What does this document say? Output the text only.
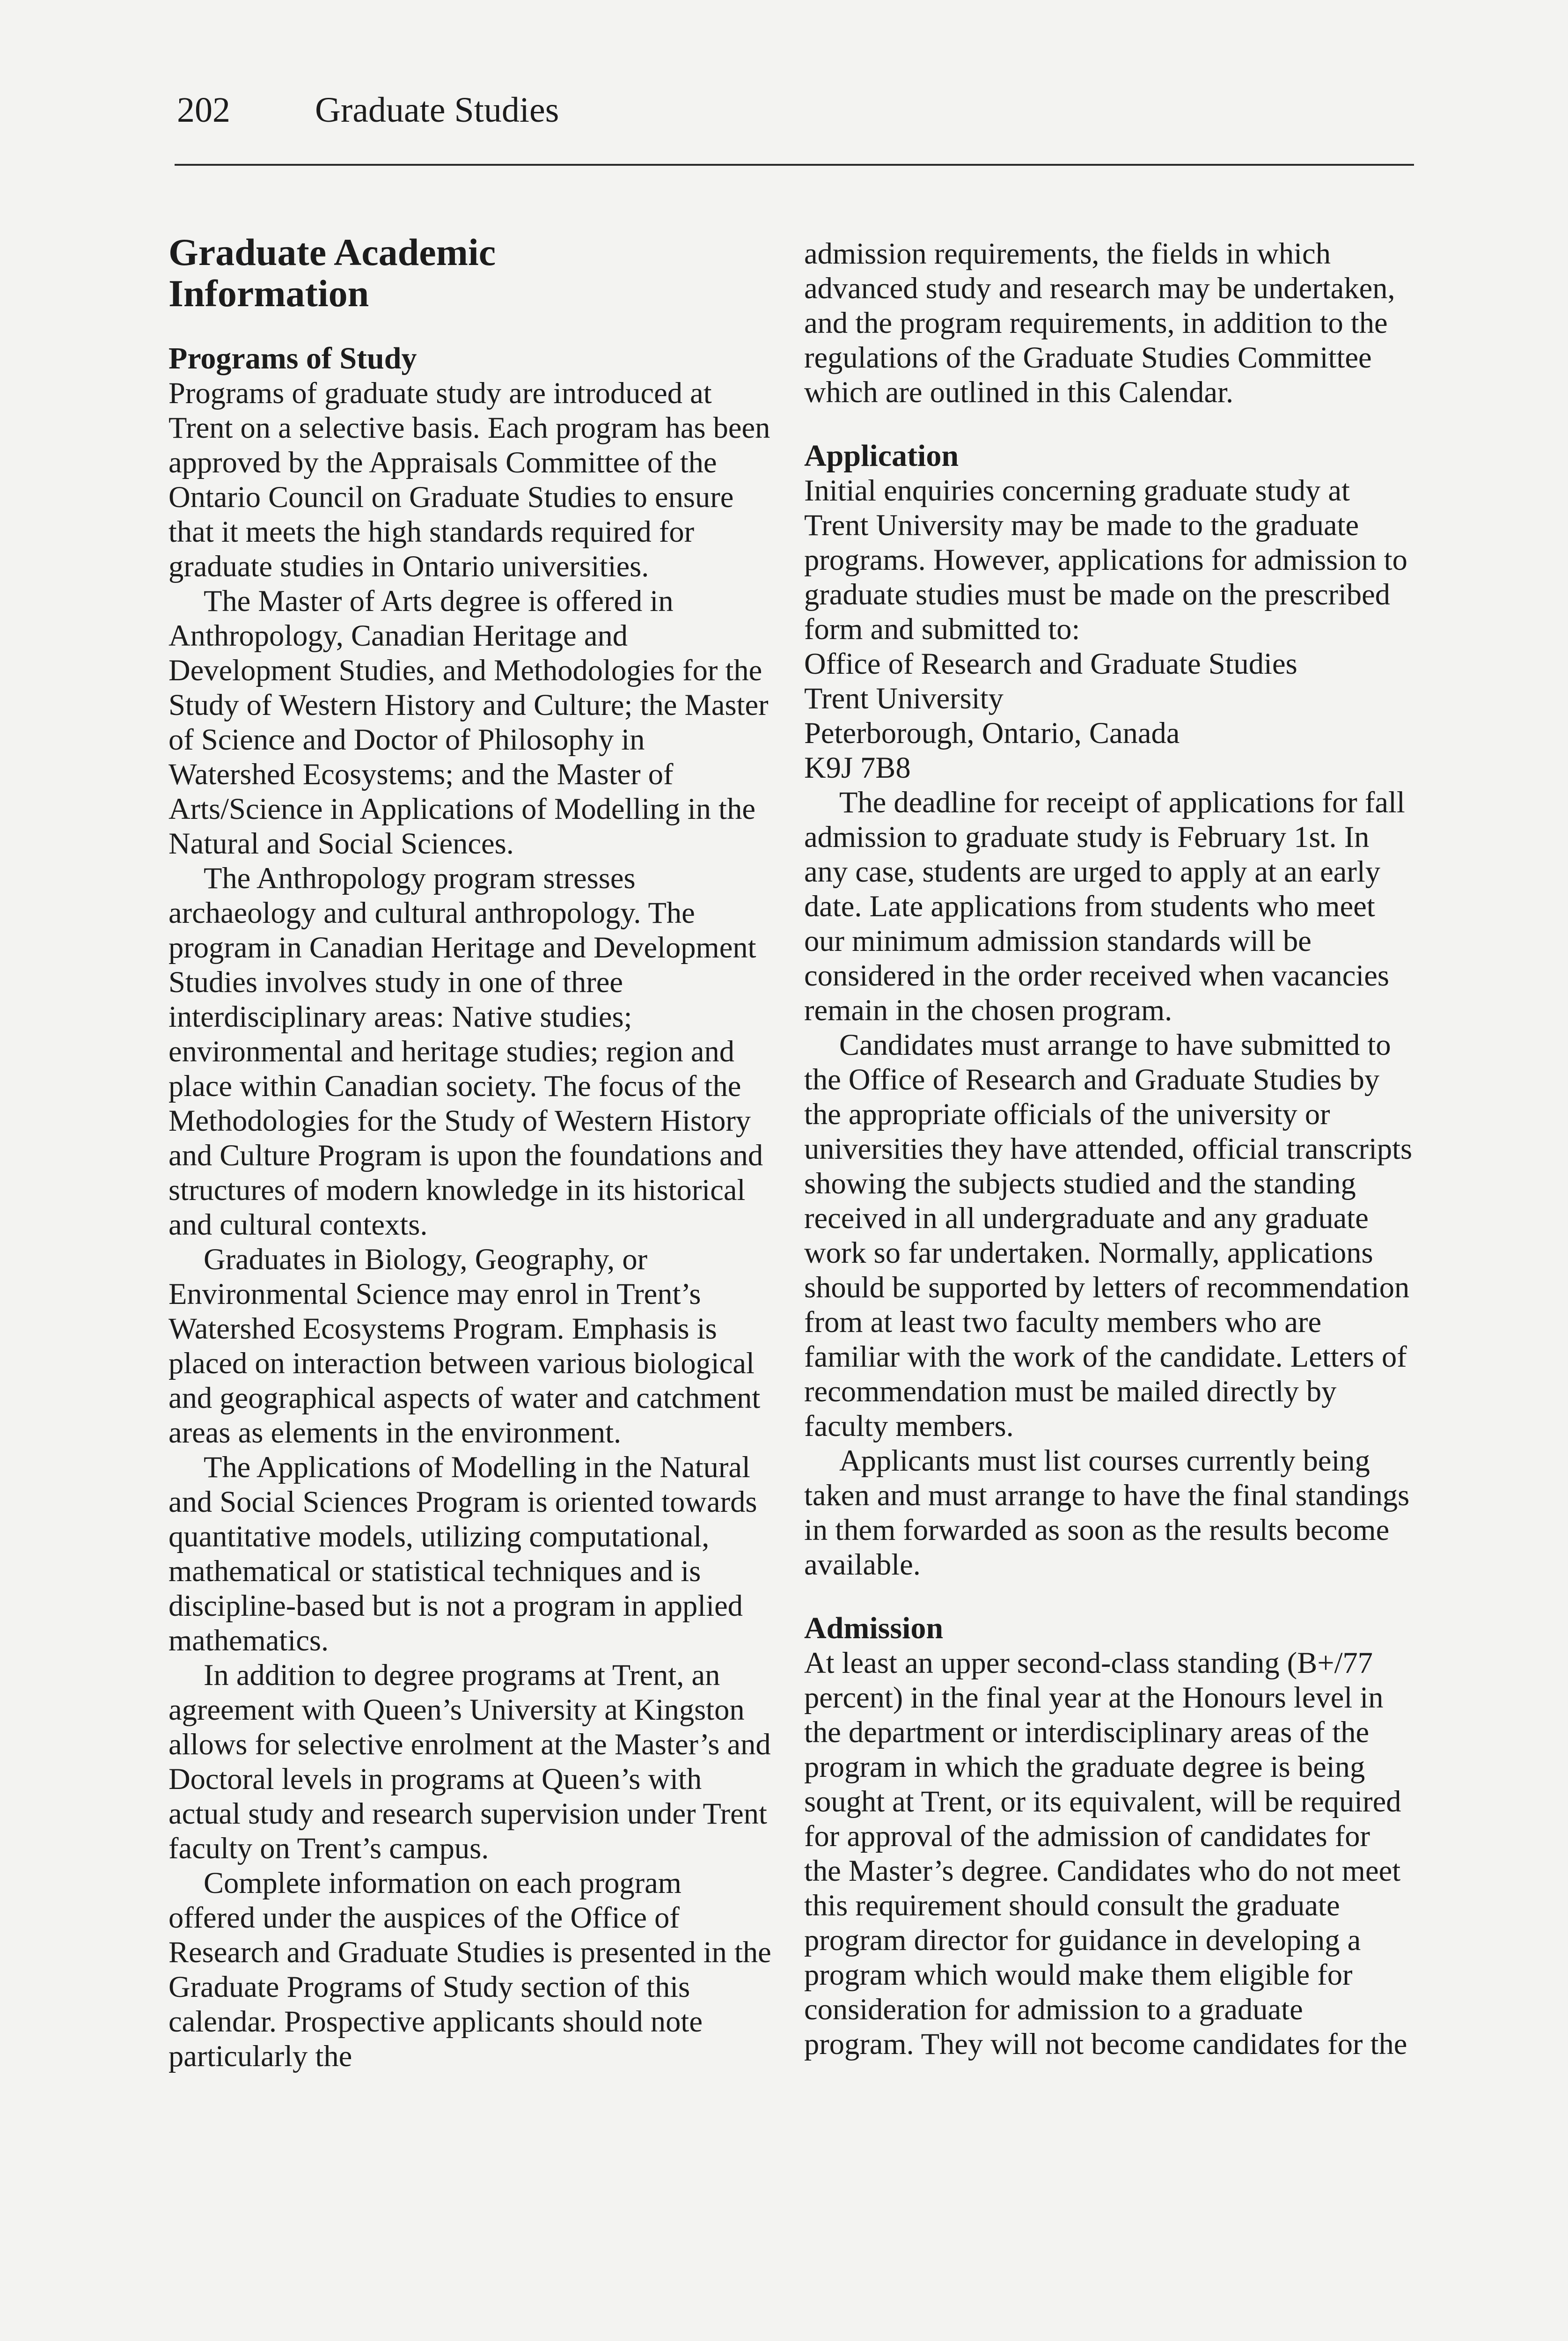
202 Graduate Studies
Graduate Academic
Information
Programs of Study

Programs of graduate study are introduced at Trent on a selective basis. Each program has been approved by the Appraisals Committee of the Ontario Council on Graduate Studies to ensure that it meets the high standards required for graduate studies in Ontario universities.

The Master of Arts degree is offered in Anthropology, Canadian Heritage and Development Studies, and Methodologies for the Study of Western History and Culture; the Master of Science and Doctor of Philosophy in Watershed Ecosystems; and the Master of Arts/Science in Applications of Modelling in the Natural and Social Sciences.

The Anthropology program stresses archaeology and cultural anthropology. The program in Canadian Heritage and Development Studies involves study in one of three interdisciplinary areas: Native studies; environmental and heritage studies; region and place within Canadian society. The focus of the Methodologies for the Study of Western History and Culture Program is upon the foundations and structures of modern knowledge in its historical and cultural contexts.

Graduates in Biology, Geography, or Environmental Science may enrol in Trent’s Watershed Ecosystems Program. Emphasis is placed on interaction between various biological and geographical aspects of water and catchment areas as elements in the environment.

The Applications of Modelling in the Natural and Social Sciences Program is oriented towards quantitative models, utilizing computational, mathematical or statistical techniques and is discipline-based but is not a program in applied mathematics.

In addition to degree programs at Trent, an agreement with Queen’s University at Kingston allows for selective enrolment at the Master’s and Doctoral levels in programs at Queen’s with actual study and research supervision under Trent faculty on Trent’s campus.

Complete information on each program offered under the auspices of the Office of Research and Graduate Studies is presented in the Graduate Programs of Study section of this calendar. Prospective applicants should note particularly the

admission requirements, the fields in which advanced study and research may be undertaken, and the program requirements, in addition to the regulations of the Graduate Studies Committee which are outlined in this Calendar.

Application

Initial enquiries concerning graduate study at Trent University may be made to the graduate programs. However, applications for admission to graduate studies must be made on the prescribed form and submitted to:

Office of Research and Graduate Studies
Trent University
Peterborough, Ontario, Canada
K9J 7B8

The deadline for receipt of applications for fall admission to graduate study is February 1st. In any case, students are urged to apply at an early date. Late applications from students who meet our minimum admission standards will be considered in the order received when vacancies remain in the chosen program.

Candidates must arrange to have submitted to the Office of Research and Graduate Studies by the appropriate officials of the university or universities they have attended, official transcripts showing the subjects studied and the standing received in all undergraduate and any graduate work so far undertaken. Normally, applications should be supported by letters of recommendation from at least two faculty members who are familiar with the work of the candidate. Letters of recommendation must be mailed directly by faculty members.

Applicants must list courses currently being taken and must arrange to have the final standings in them forwarded as soon as the results become available.

Admission

At least an upper second-class standing (B+/77 percent) in the final year at the Honours level in the department or interdisciplinary areas of the program in which the graduate degree is being sought at Trent, or its equivalent, will be required for approval of the admission of candidates for the Master’s degree. Candidates who do not meet this requirement should consult the graduate program director for guidance in developing a program which would make them eligible for consideration for admission to a graduate program. They will not become candidates for the
